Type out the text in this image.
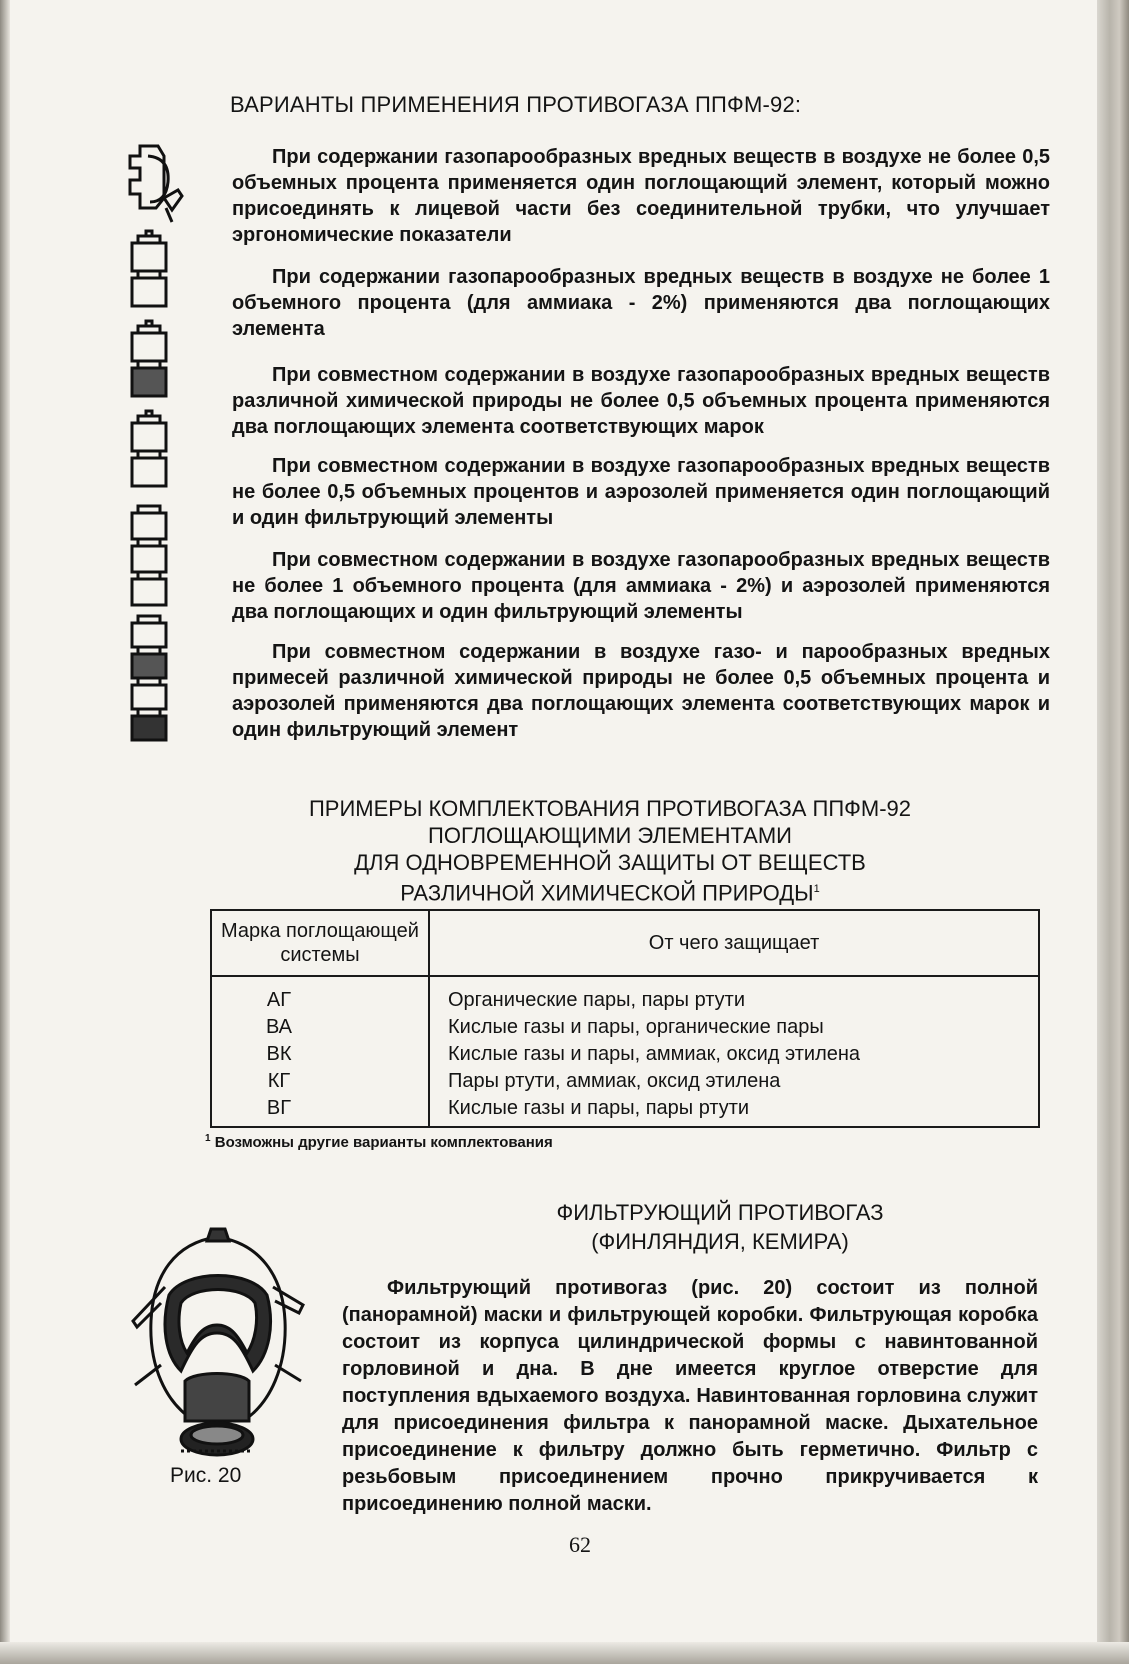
ВАРИАНТЫ ПРИМЕНЕНИЯ ПРОТИВОГАЗА ППФМ-92:
При содержании газопарообразных вредных веществ в воздухе не более 0,5 объемных процента применяется один поглощающий элемент, который можно присоединять к лицевой части без соединительной трубки, что улучшает эргономические показатели
При содержании газопарообразных вредных веществ в воздухе не более 1 объемного процента (для аммиака - 2%) применяются два поглощающих элемента
При совместном содержании в воздухе газопарообразных вредных веществ различной химической природы не более 0,5 объемных процента применяются два поглощающих элемента соответствующих марок
При совместном содержании в воздухе газопарообразных вредных веществ не более 0,5 объемных процентов и аэрозолей применяется один поглощающий и один фильтрующий элементы
При совместном содержании в воздухе газопарообразных вредных веществ не более 1 объемного процента (для аммиака - 2%) и аэрозолей применяются два поглощающих и один фильтрующий элементы
При совместном содержании в воздухе газо- и парообразных вредных примесей различной химической природы не более 0,5 объемных процента и аэрозолей применяются два поглощающих элемента соответствующих марок и один фильтрующий элемент
ПРИМЕРЫ КОМПЛЕКТОВАНИЯ ПРОТИВОГАЗА ППФМ-92
ПОГЛОЩАЮЩИМИ ЭЛЕМЕНТАМИ
ДЛЯ ОДНОВРЕМЕННОЙ ЗАЩИТЫ ОТ ВЕЩЕСТВ
РАЗЛИЧНОЙ ХИМИЧЕСКОЙ ПРИРОДЫ$^1$
Марка поглощающей системы	От чего защищает
АГ	Органические пары, пары ртути
ВА	Кислые газы и пары, органические пары
ВК	Кислые газы и пары, аммиак, оксид этилена
КГ	Пары ртути, аммиак, оксид этилена
ВГ	Кислые газы и пары, пары ртути
$^1$ Возможны другие варианты комплектования
ФИЛЬТРУЮЩИЙ ПРОТИВОГАЗ
(ФИНЛЯНДИЯ, КЕМИРА)
Рис. 20
Фильтрующий противогаз (рис. 20) состоит из полной (панорамной) маски и фильтрующей коробки. Фильтрующая коробка состоит из корпуса цилиндрической формы с навинтованной горловиной и дна. В дне имеется круглое отверстие для поступления вдыхаемого воздуха. Навинтованная горловина служит для присоединения фильтра к панорамной маске. Дыхательное присоединение к фильтру должно быть герметично. Фильтр с резьбовым присоединением прочно прикручивается к присоединению полной маски.
62
